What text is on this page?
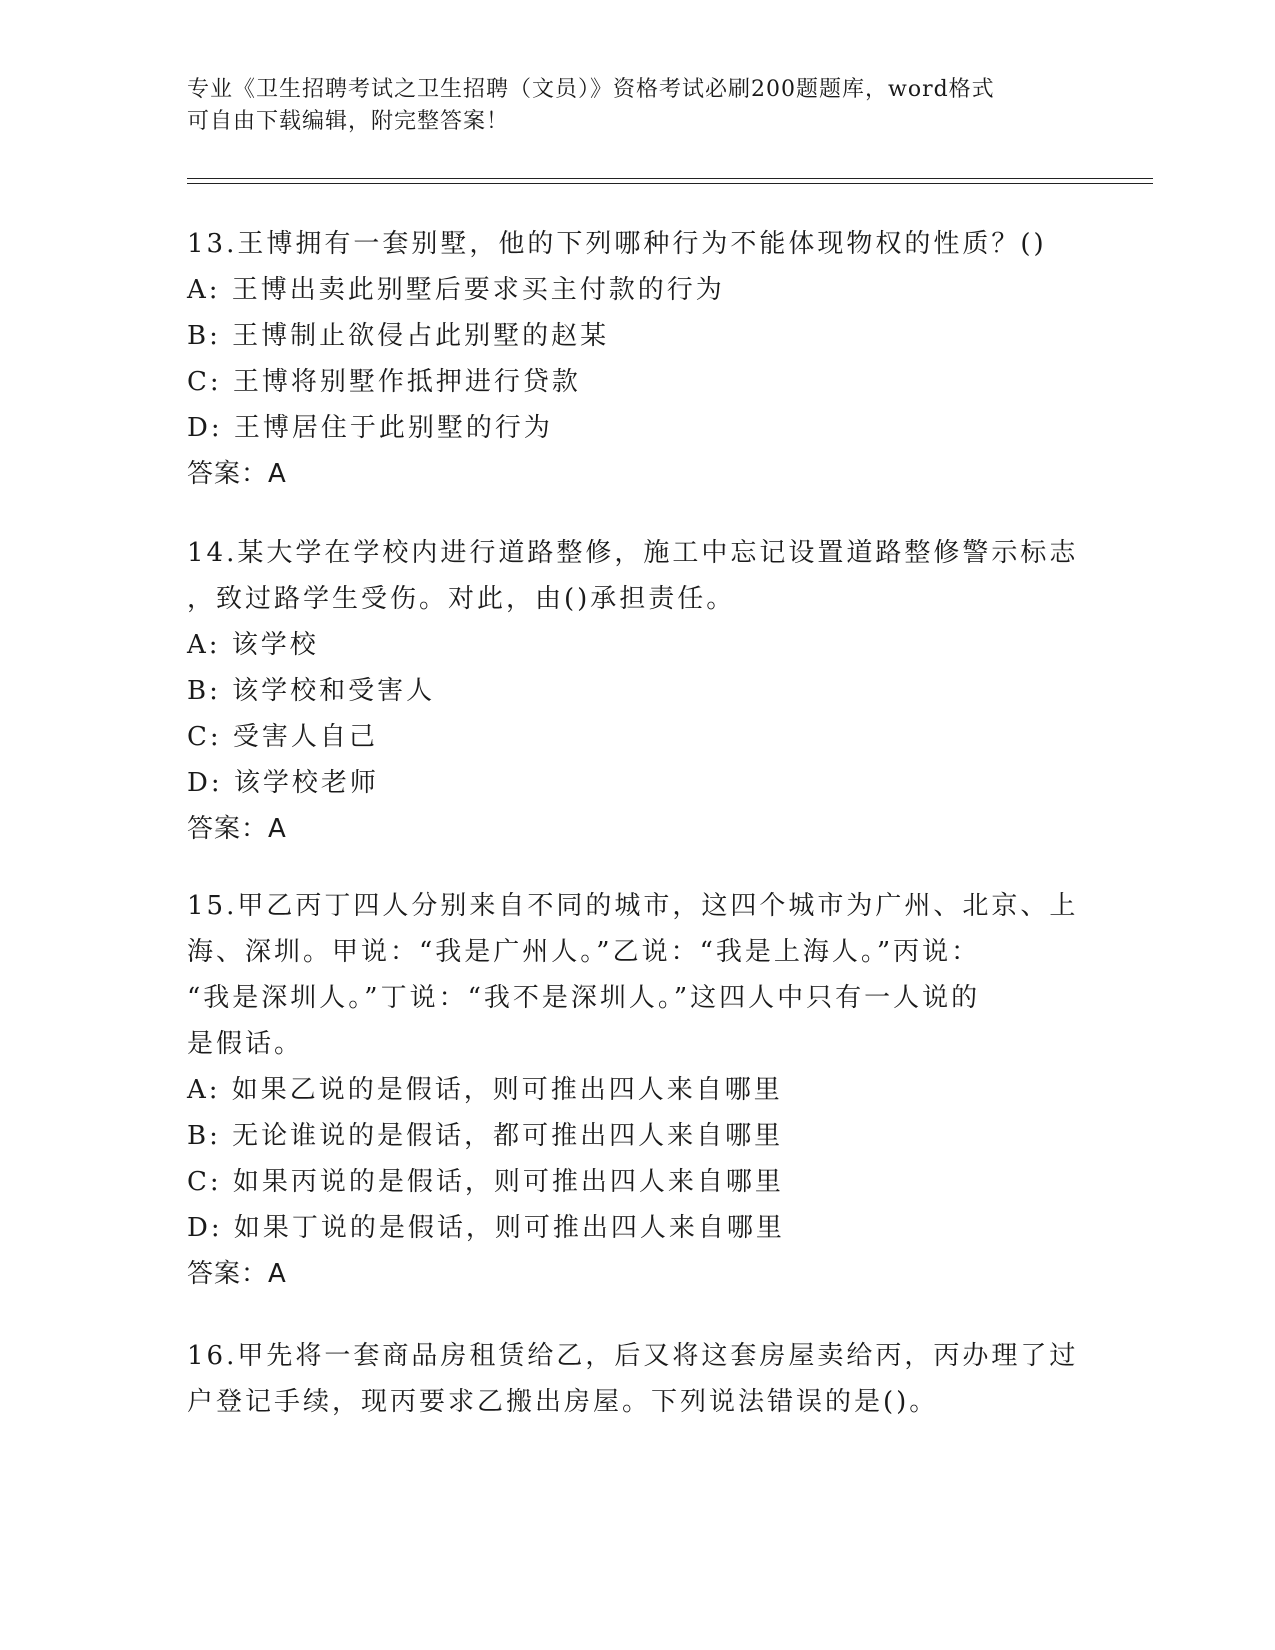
专业《卫生招聘考试之卫生招聘（文员）》资格考试必刷200题题库，word格式
可自由下载编辑，附完整答案！
13.王博拥有一套别墅，他的下列哪种行为不能体现物权的性质？()
A: 王博出卖此别墅后要求买主付款的行为
B: 王博制止欲侵占此别墅的赵某
C: 王博将别墅作抵押进行贷款
D: 王博居住于此别墅的行为
答案：A
14.某大学在学校内进行道路整修，施工中忘记设置道路整修警示标志
，致过路学生受伤。对此，由()承担责任。
A: 该学校
B: 该学校和受害人
C: 受害人自己
D: 该学校老师
答案：A
15.甲乙丙丁四人分别来自不同的城市，这四个城市为广州、北京、上
海、深圳。甲说：“我是广州人。”乙说：“我是上海人。”丙说：
“我是深圳人。”丁说：“我不是深圳人。”这四人中只有一人说的
是假话。
A: 如果乙说的是假话，则可推出四人来自哪里
B: 无论谁说的是假话，都可推出四人来自哪里
C: 如果丙说的是假话，则可推出四人来自哪里
D: 如果丁说的是假话，则可推出四人来自哪里
答案：A
16.甲先将一套商品房租赁给乙，后又将这套房屋卖给丙，丙办理了过
户登记手续，现丙要求乙搬出房屋。下列说法错误的是()。
